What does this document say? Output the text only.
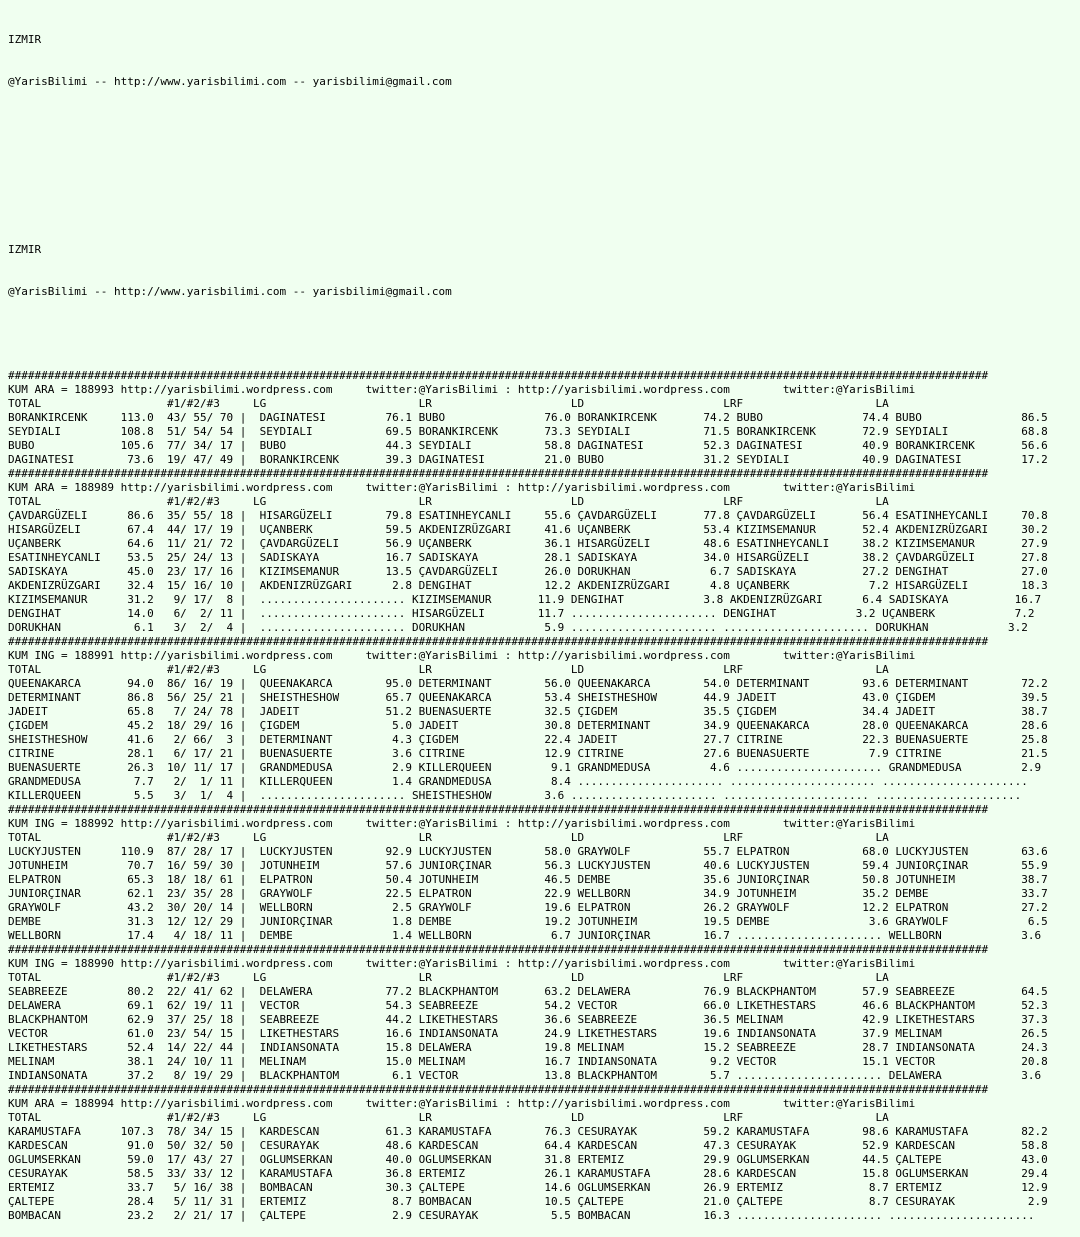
IZMIR

@YarisBilimi -- http://www.yarisbilimi.com -- yarisbilimi@gmail.com

IZMIR

@YarisBilimi -- http://www.yarisbilimi.com -- yarisbilimi@gmail.com

####################################################################################################################################################
KUM ARA = 188993 http://yarisbilimi.wordpress.com     twitter:@YarisBilimi : http://yarisbilimi.wordpress.com        twitter:@YarisBilimi
TOTAL                   #1/#2/#3     LG                       LR                     LD                     LRF                    LA
BORANKIRCENK     113.0  43/ 55/ 70 |  DAGINATESI         76.1 BUBO               76.0 BORANKIRCENK       74.2 BUBO               74.4 BUBO               86.5
SEYDIALI         108.8  51/ 54/ 54 |  SEYDIALI           69.5 BORANKIRCENK       73.3 SEYDIALI           71.5 BORANKIRCENK       72.9 SEYDIALI           68.8
BUBO             105.6  77/ 34/ 17 |  BUBO               44.3 SEYDIALI           58.8 DAGINATESI         52.3 DAGINATESI         40.9 BORANKIRCENK       56.6
DAGINATESI        73.6  19/ 47/ 49 |  BORANKIRCENK       39.3 DAGINATESI         21.0 BUBO               31.2 SEYDIALI           40.9 DAGINATESI         17.2
####################################################################################################################################################
KUM ARA = 188989 http://yarisbilimi.wordpress.com     twitter:@YarisBilimi : http://yarisbilimi.wordpress.com        twitter:@YarisBilimi
TOTAL                   #1/#2/#3     LG                       LR                     LD                     LRF                    LA
ÇAVDARGÜZELI      86.6  35/ 55/ 18 |  HISARGÜZELI        79.8 ESATINHEYCANLI     55.6 ÇAVDARGÜZELI       77.8 ÇAVDARGÜZELI       56.4 ESATINHEYCANLI     70.8
HISARGÜZELI       67.4  44/ 17/ 19 |  UÇANBERK           59.5 AKDENIZRÜZGARI     41.6 UÇANBERK           53.4 KIZIMSEMANUR       52.4 AKDENIZRÜZGARI     30.2
UÇANBERK          64.6  11/ 21/ 72 |  ÇAVDARGÜZELI       56.9 UÇANBERK           36.1 HISARGÜZELI        48.6 ESATINHEYCANLI     38.2 KIZIMSEMANUR       27.9
ESATINHEYCANLI    53.5  25/ 24/ 13 |  SADISKAYA          16.7 SADISKAYA          28.1 SADISKAYA          34.0 HISARGÜZELI        38.2 ÇAVDARGÜZELI       27.8
SADISKAYA         45.0  23/ 17/ 16 |  KIZIMSEMANUR       13.5 ÇAVDARGÜZELI       26.0 DORUKHAN            6.7 SADISKAYA          27.2 DENGIHAT           27.0
AKDENIZRÜZGARI    32.4  15/ 16/ 10 |  AKDENIZRÜZGARI      2.8 DENGIHAT           12.2 AKDENIZRÜZGARI      4.8 UÇANBERK            7.2 HISARGÜZELI        18.3
KIZIMSEMANUR      31.2   9/ 17/  8 |  ...................... KIZIMSEMANUR       11.9 DENGIHAT            3.8 AKDENIZRÜZGARI      6.4 SADISKAYA          16.7
DENGIHAT          14.0   6/  2/ 11 |  ...................... HISARGÜZELI        11.7 ...................... DENGIHAT            3.2 UÇANBERK            7.2
DORUKHAN           6.1   3/  2/  4 |  ...................... DORUKHAN            5.9 ...................... ...................... DORUKHAN            3.2
####################################################################################################################################################
KUM ING = 188991 http://yarisbilimi.wordpress.com     twitter:@YarisBilimi : http://yarisbilimi.wordpress.com        twitter:@YarisBilimi
TOTAL                   #1/#2/#3     LG                       LR                     LD                     LRF                    LA
QUEENAKARCA       94.0  86/ 16/ 19 |  QUEENAKARCA        95.0 DETERMINANT        56.0 QUEENAKARCA        54.0 DETERMINANT        93.6 DETERMINANT        72.2
DETERMINANT       86.8  56/ 25/ 21 |  SHEISTHESHOW       65.7 QUEENAKARCA        53.4 SHEISTHESHOW       44.9 JADEIT             43.0 ÇIGDEM             39.5
JADEIT            65.8   7/ 24/ 78 |  JADEIT             51.2 BUENASUERTE        32.5 ÇIGDEM             35.5 ÇIGDEM             34.4 JADEIT             38.7
ÇIGDEM            45.2  18/ 29/ 16 |  ÇIGDEM              5.0 JADEIT             30.8 DETERMINANT        34.9 QUEENAKARCA        28.0 QUEENAKARCA        28.6
SHEISTHESHOW      41.6   2/ 66/  3 |  DETERMINANT         4.3 ÇIGDEM             22.4 JADEIT             27.7 CITRINE            22.3 BUENASUERTE        25.8
CITRINE           28.1   6/ 17/ 21 |  BUENASUERTE         3.6 CITRINE            12.9 CITRINE            27.6 BUENASUERTE         7.9 CITRINE            21.5
BUENASUERTE       26.3  10/ 11/ 17 |  GRANDMEDUSA         2.9 KILLERQUEEN         9.1 GRANDMEDUSA         4.6 ...................... GRANDMEDUSA         2.9
GRANDMEDUSA        7.7   2/  1/ 11 |  KILLERQUEEN         1.4 GRANDMEDUSA         8.4 ...................... ...................... ......................
KILLERQUEEN        5.5   3/  1/  4 |  ...................... SHEISTHESHOW        3.6 ...................... ...................... ......................
####################################################################################################################################################
KUM ING = 188992 http://yarisbilimi.wordpress.com     twitter:@YarisBilimi : http://yarisbilimi.wordpress.com        twitter:@YarisBilimi
TOTAL                   #1/#2/#3     LG                       LR                     LD                     LRF                    LA
LUCKYJUSTEN      110.9  87/ 28/ 17 |  LUCKYJUSTEN        92.9 LUCKYJUSTEN        58.0 GRAYWOLF           55.7 ELPATRON           68.0 LUCKYJUSTEN        63.6
JOTUNHEIM         70.7  16/ 59/ 30 |  JOTUNHEIM          57.6 JUNIORÇINAR        56.3 LUCKYJUSTEN        40.6 LUCKYJUSTEN        59.4 JUNIORÇINAR        55.9
ELPATRON          65.3  18/ 18/ 61 |  ELPATRON           50.4 JOTUNHEIM          46.5 DEMBE              35.6 JUNIORÇINAR        50.8 JOTUNHEIM          38.7
JUNIORÇINAR       62.1  23/ 35/ 28 |  GRAYWOLF           22.5 ELPATRON           22.9 WELLBORN           34.9 JOTUNHEIM          35.2 DEMBE              33.7
GRAYWOLF          43.2  30/ 20/ 14 |  WELLBORN            2.5 GRAYWOLF           19.6 ELPATRON           26.2 GRAYWOLF           12.2 ELPATRON           27.2
DEMBE             31.3  12/ 12/ 29 |  JUNIORÇINAR         1.8 DEMBE              19.2 JOTUNHEIM          19.5 DEMBE               3.6 GRAYWOLF            6.5
WELLBORN          17.4   4/ 18/ 11 |  DEMBE               1.4 WELLBORN            6.7 JUNIORÇINAR        16.7 ...................... WELLBORN            3.6
####################################################################################################################################################
KUM ING = 188990 http://yarisbilimi.wordpress.com     twitter:@YarisBilimi : http://yarisbilimi.wordpress.com        twitter:@YarisBilimi
TOTAL                   #1/#2/#3     LG                       LR                     LD                     LRF                    LA
SEABREEZE         80.2  22/ 41/ 62 |  DELAWERA           77.2 BLACKPHANTOM       63.2 DELAWERA           76.9 BLACKPHANTOM       57.9 SEABREEZE          64.5
DELAWERA          69.1  62/ 19/ 11 |  VECTOR             54.3 SEABREEZE          54.2 VECTOR             66.0 LIKETHESTARS       46.6 BLACKPHANTOM       52.3
BLACKPHANTOM      62.9  37/ 25/ 18 |  SEABREEZE          44.2 LIKETHESTARS       36.6 SEABREEZE          36.5 MELINAM            42.9 LIKETHESTARS       37.3
VECTOR            61.0  23/ 54/ 15 |  LIKETHESTARS       16.6 INDIANSONATA       24.9 LIKETHESTARS       19.6 INDIANSONATA       37.9 MELINAM            26.5
LIKETHESTARS      52.4  14/ 22/ 44 |  INDIANSONATA       15.8 DELAWERA           19.8 MELINAM            15.2 SEABREEZE          28.7 INDIANSONATA       24.3
MELINAM           38.1  24/ 10/ 11 |  MELINAM            15.0 MELINAM            16.7 INDIANSONATA        9.2 VECTOR             15.1 VECTOR             20.8
INDIANSONATA      37.2   8/ 19/ 29 |  BLACKPHANTOM        6.1 VECTOR             13.8 BLACKPHANTOM        5.7 ...................... DELAWERA            3.6
####################################################################################################################################################
KUM ARA = 188994 http://yarisbilimi.wordpress.com     twitter:@YarisBilimi : http://yarisbilimi.wordpress.com        twitter:@YarisBilimi
TOTAL                   #1/#2/#3     LG                       LR                     LD                     LRF                    LA
KARAMUSTAFA      107.3  78/ 34/ 15 |  KARDESCAN          61.3 KARAMUSTAFA        76.3 CESURAYAK          59.2 KARAMUSTAFA        98.6 KARAMUSTAFA        82.2
KARDESCAN         91.0  50/ 32/ 50 |  CESURAYAK          48.6 KARDESCAN          64.4 KARDESCAN          47.3 CESURAYAK          52.9 KARDESCAN          58.8
OGLUMSERKAN       59.0  17/ 43/ 27 |  OGLUMSERKAN        40.0 OGLUMSERKAN        31.8 ERTEMIZ            29.9 OGLUMSERKAN        44.5 ÇALTEPE            43.0
CESURAYAK         58.5  33/ 33/ 12 |  KARAMUSTAFA        36.8 ERTEMIZ            26.1 KARAMUSTAFA        28.6 KARDESCAN          15.8 OGLUMSERKAN        29.4
ERTEMIZ           33.7   5/ 16/ 38 |  BOMBACAN           30.3 ÇALTEPE            14.6 OGLUMSERKAN        26.9 ERTEMIZ             8.7 ERTEMIZ            12.9
ÇALTEPE           28.4   5/ 11/ 31 |  ERTEMIZ             8.7 BOMBACAN           10.5 ÇALTEPE            21.0 ÇALTEPE             8.7 CESURAYAK           2.9
BOMBACAN          23.2   2/ 21/ 17 |  ÇALTEPE             2.9 CESURAYAK           5.5 BOMBACAN           16.3 ...................... ......................
